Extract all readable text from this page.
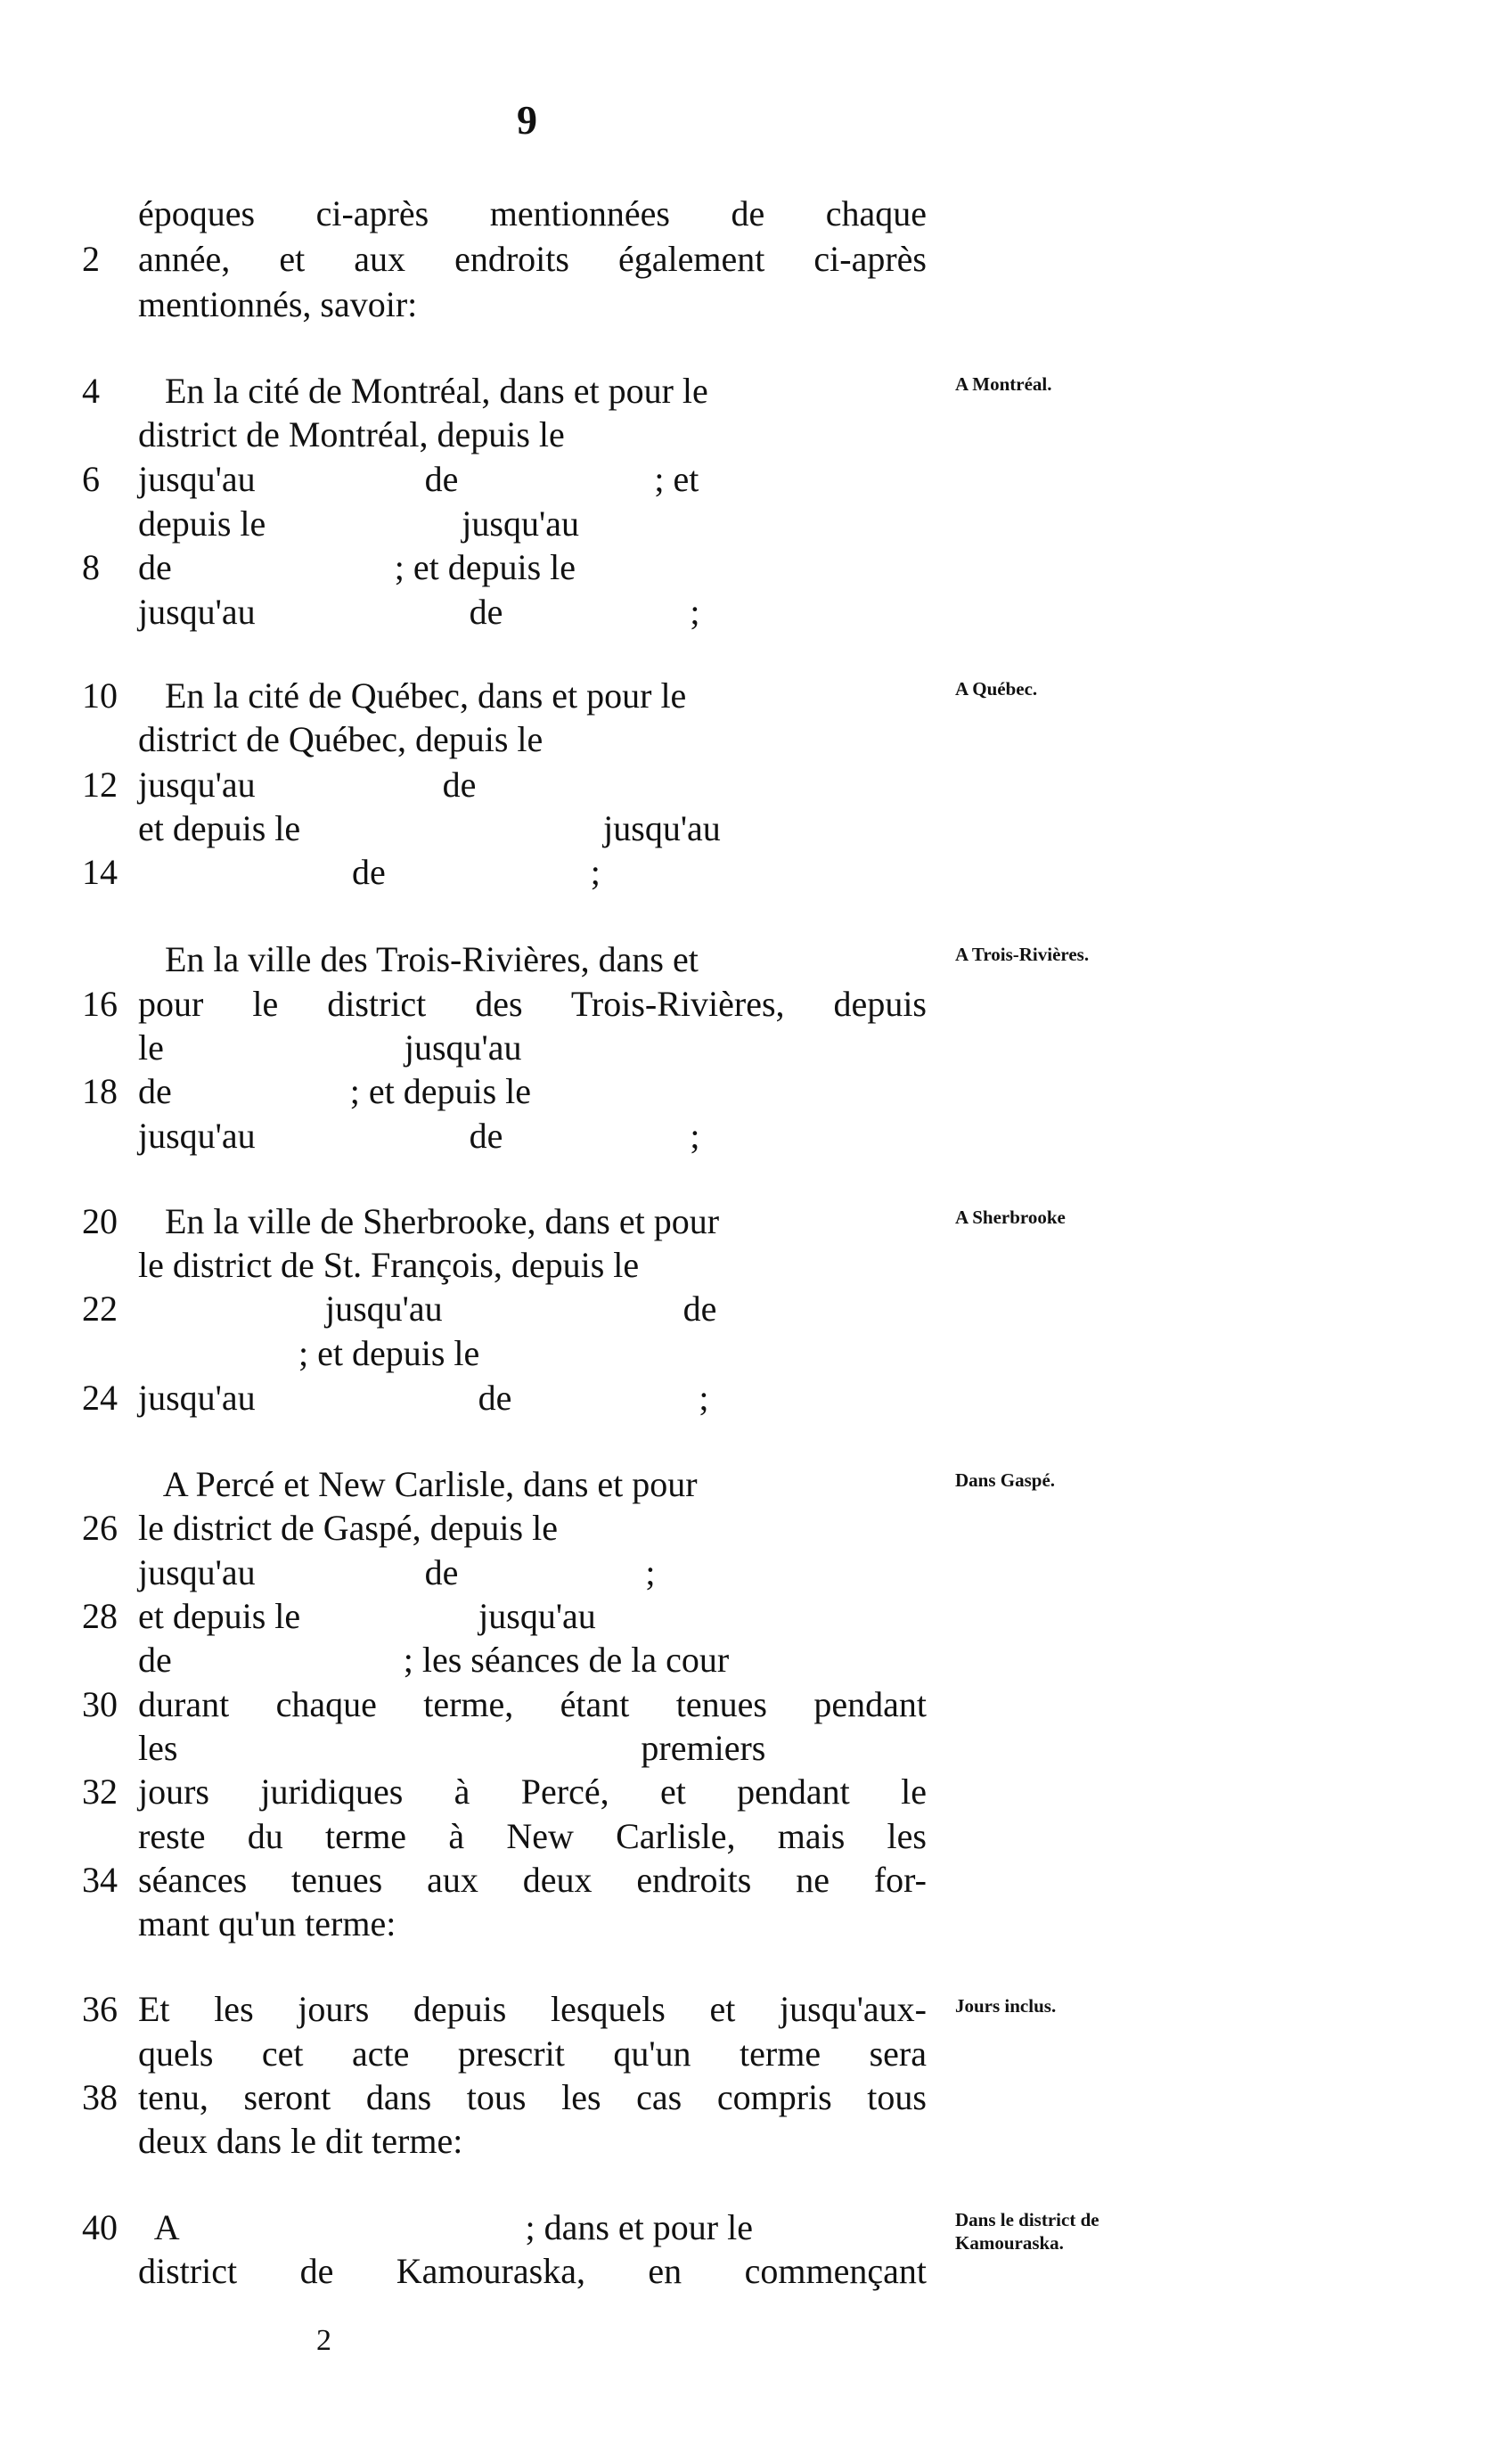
9
époques ci-après mentionnées de chaque
2	année, et aux endroits également ci-après
mentionnés, savoir:
4	En la cité de Montréal, dans et pour le
district de Montréal, depuis le
6	jusqu'au                   de                      ; et
depuis le                      jusqu'au
8	de                         ; et depuis le
jusqu'au                        de                     ;
10 En la cité de Québec, dans et pour le
district de Québec, depuis le
12 jusqu'au                     de
et depuis le                                  jusqu'au
14 de                       ;
En la ville des Trois-Rivières, dans et
16 pour le district des Trois-Rivières, depuis
le                           jusqu'au
18 de                    ; et depuis le
jusqu'au                        de                     ;
20 En la ville de Sherbrooke, dans et pour
le district de St. François, depuis le
22 jusqu'au                           de
; et depuis le
24 jusqu'au                         de                     ;
A Percé et New Carlisle, dans et pour
26 le district de Gaspé, depuis le
jusqu'au                   de                     ;
28 et depuis le                    jusqu'au
de                          ; les séances de la cour
30 durant chaque terme, étant tenues pendant
les                                                    premiers
32 jours juridiques à Percé, et pendant le
reste du terme à New Carlisle, mais les
34 séances tenues aux deux endroits ne for-
mant qu'un terme:
36 Et les jours depuis lesquels et jusqu'aux-
quels cet acte prescrit qu'un terme sera
38 tenu, seront dans tous les cas compris tous
deux dans le dit terme:
40 A                                       ; dans et pour le
district de Kamouraska, en commençant
A Montréal.
A Québec.
A Trois-Rivières.
A Sherbrooke
Dans Gaspé.
Jours inclus.
Dans le district de Kamouraska.
2
